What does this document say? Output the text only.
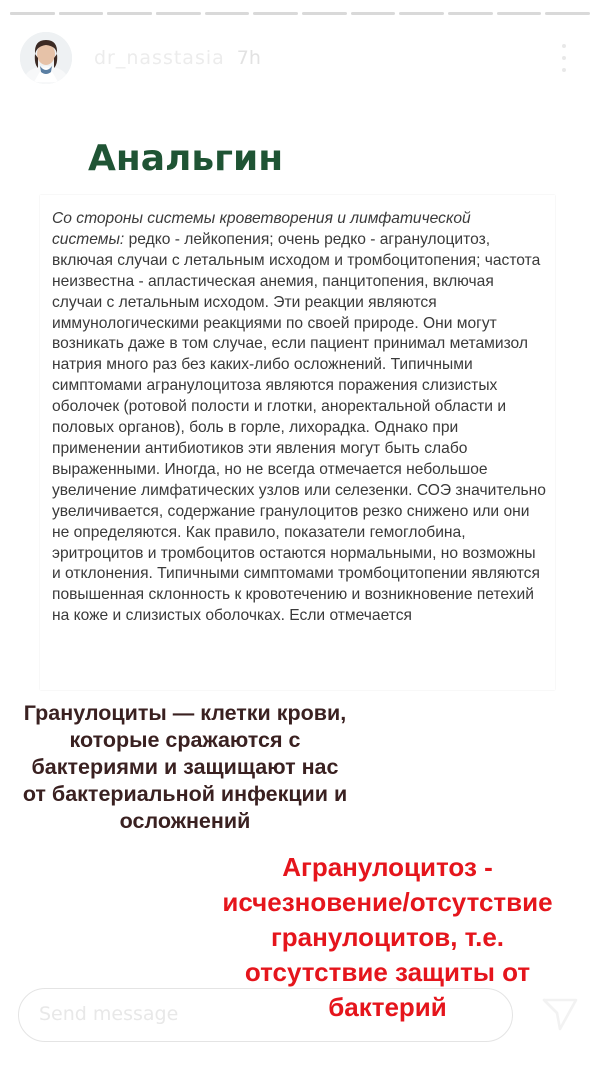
dr_nasstasia 7h
Анальгин

Со стороны системы кроветворения и лимфатической системы: редко - лейкопения; очень редко - агранулоцитоз, включая случаи с летальным исходом и тромбоцитопения; частота неизвестна - апластическая анемия, панцитопения, включая случаи с летальным исходом. Эти реакции являются иммунологическими реакциями по своей природе. Они могут возникать даже в том случае, если пациент принимал метамизол натрия много раз без каких-либо осложнений. Типичными симптомами агранулоцитоза являются поражения слизистых оболочек (ротовой полости и глотки, аноректальной области и половых органов), боль в горле, лихорадка. Однако при применении антибиотиков эти явления могут быть слабо выраженными. Иногда, но не всегда отмечается небольшое увеличение лимфатических узлов или селезенки. СОЭ значительно увеличивается, содержание гранулоцитов резко снижено или они не определяются. Как правило, показатели гемоглобина, эритроцитов и тромбоцитов остаются нормальными, но возможны и отклонения. Типичными симптомами тромбоцитопении являются повышенная склонность к кровотечению и возникновение петехий на коже и слизистых оболочках. Если отмечается

Гранулоциты — клетки крови, которые сражаются с бактериями и защищают нас от бактериальной инфекции и осложнений

Агранулоцитоз - исчезновение/отсутствие гранулоцитов, т.е. отсутствие защиты от бактерий

Send message
